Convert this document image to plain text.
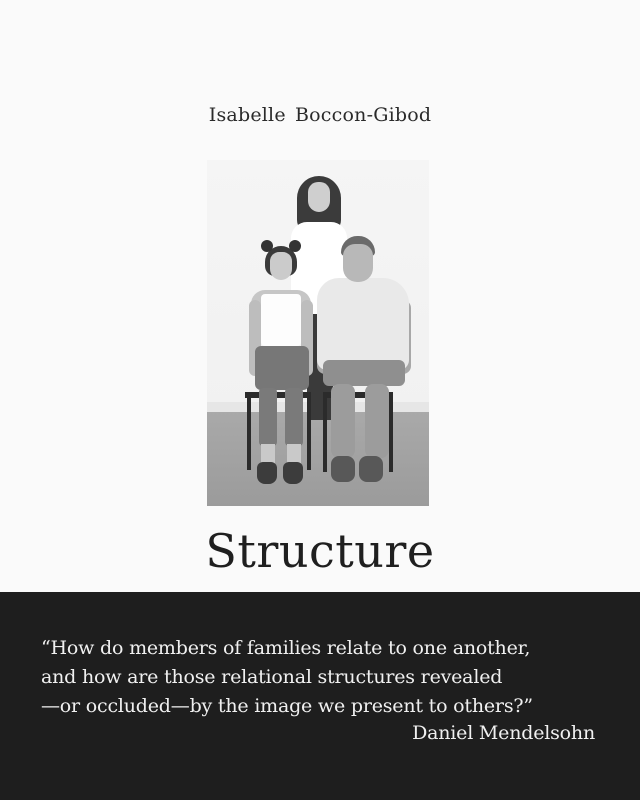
Isabelle Boccon-Gibod
Structure
“How do members of families relate to one another,
and how are those relational structures revealed
—or occluded—by the image we present to others?”
Daniel Mendelsohn
